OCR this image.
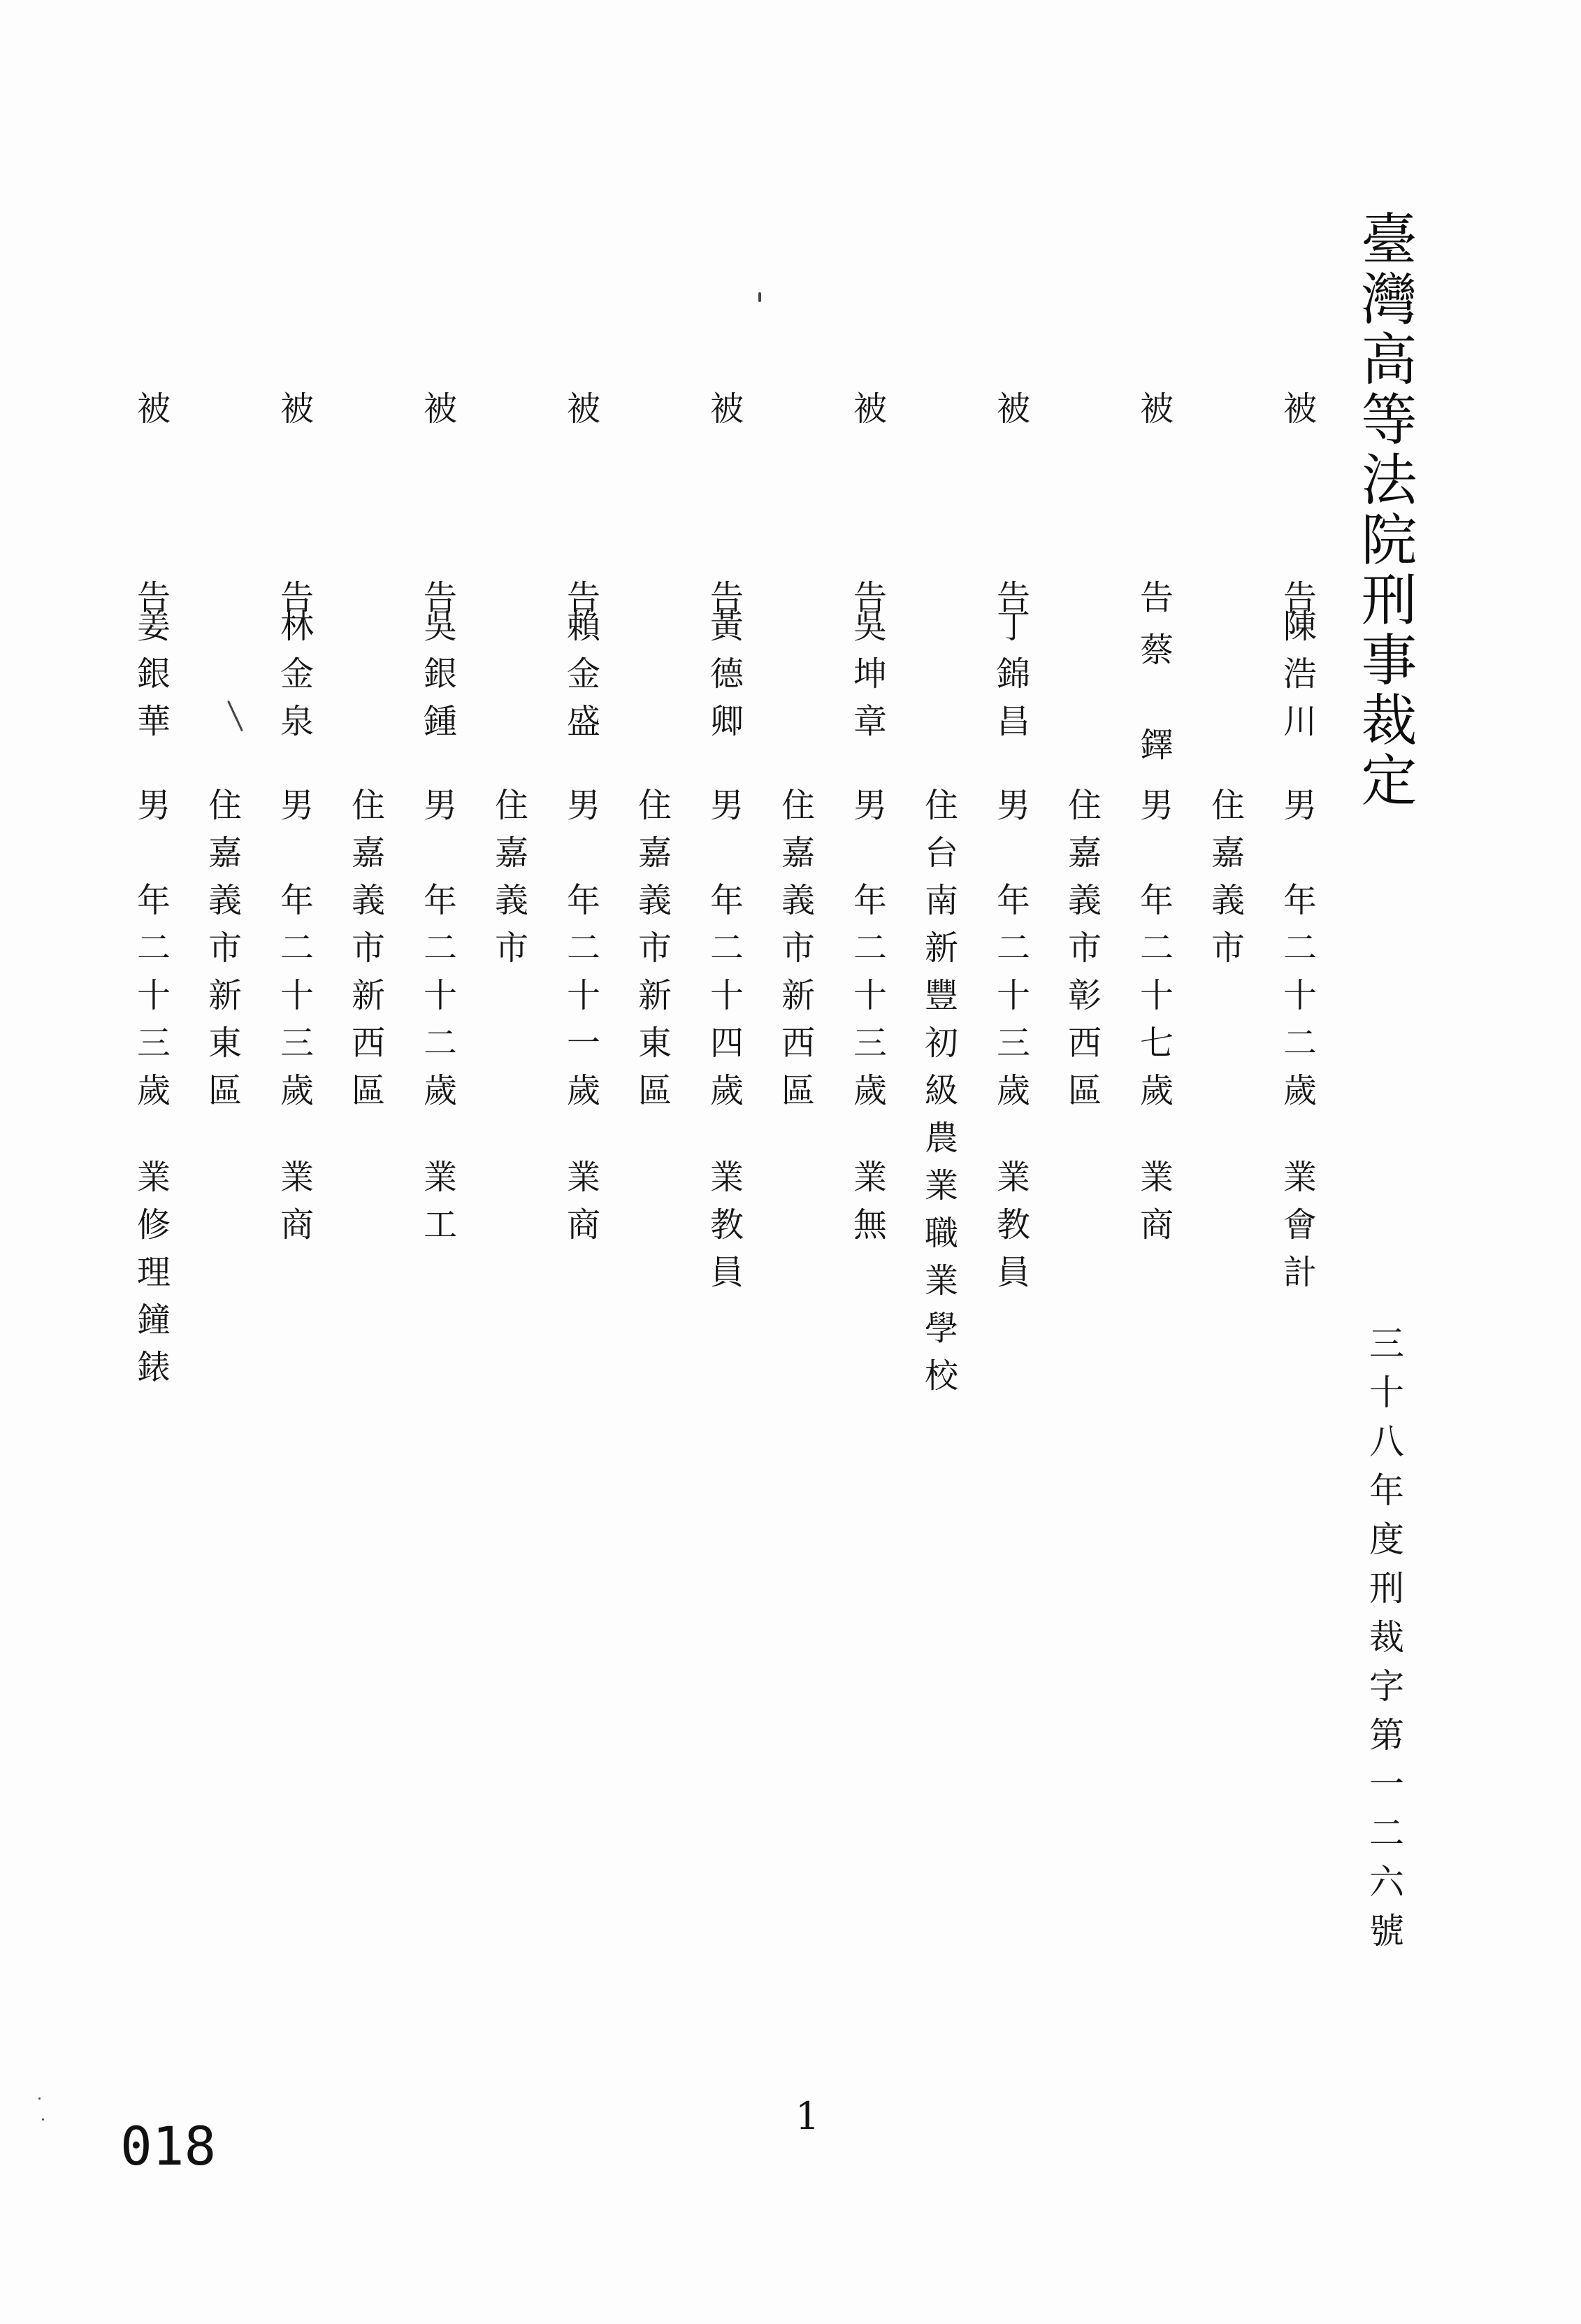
臺灣高等法院刑事裁定
三十八年度刑裁字第一二六號
被告
陳浩川
男
年二十二歲
業會計
住嘉義市
被告
蔡鐸
男
年二十七歲
業商
住嘉義市彰西區
被告
丁錦昌
男
年二十三歲
業教員
住台南新豐初級農業職業學校
被告
吳坤章
男
年二十三歲
業無
住嘉義市新西區
被告
黃德卿
男
年二十四歲
業教員
住嘉義市新東區
被告
賴金盛
男
年二十一歲
業商
住嘉義市
被告
吳銀鍾
男
年二十二歲
業工
住嘉義市新西區
被告
林金泉
男
年二十三歲
業商
住嘉義市新東區
被告
姜銀華
男
年二十三歲
業修理鐘錶
018	1
